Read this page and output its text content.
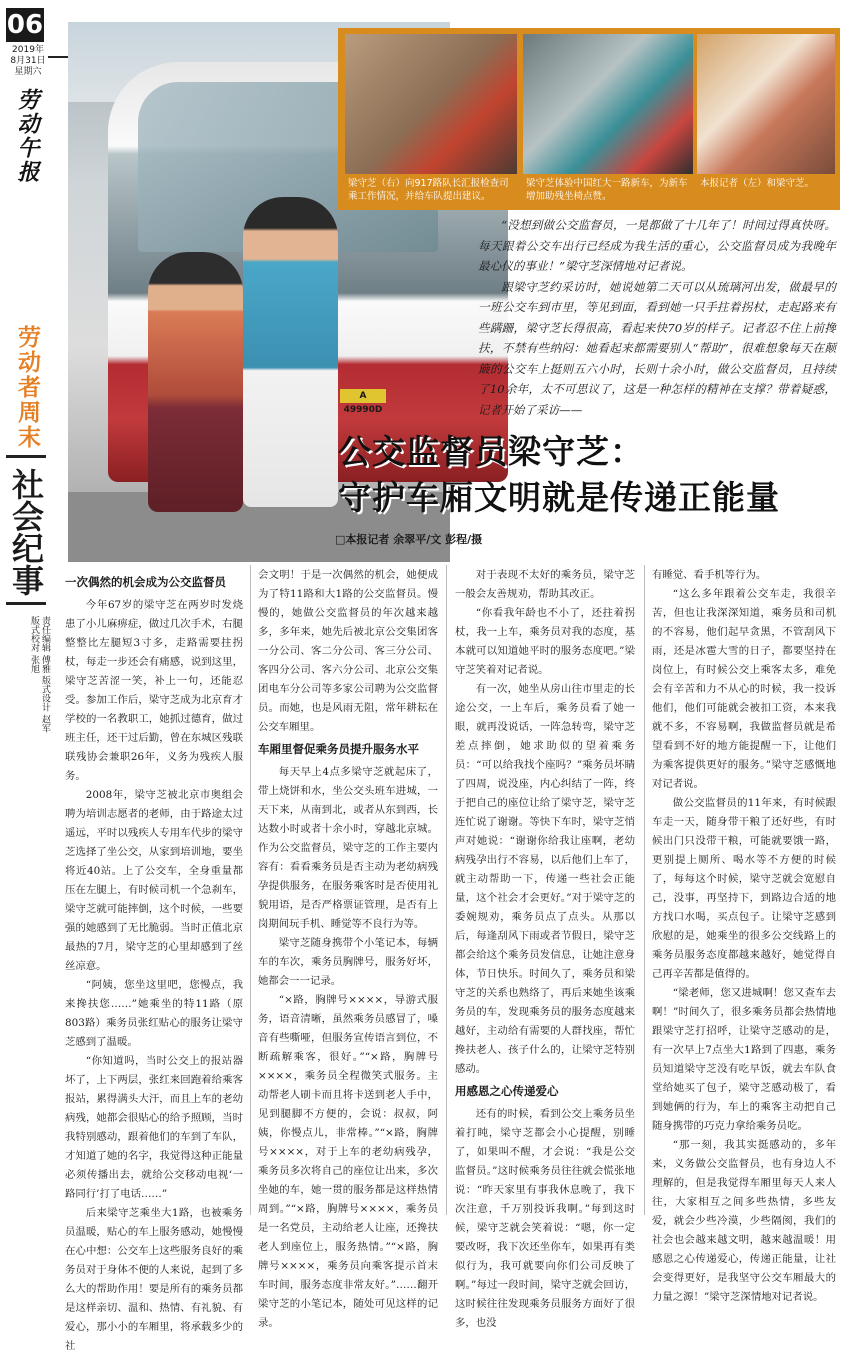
06
2019年
8月31日
星期六
劳动午报
劳动者周末
社会纪事
责任编辑 傅雅 版式设计 赵军 版式校对 张旭
A 49990D
梁守芝（右）向917路队长汇报检查司乘工作情况，并给车队提出建议。
梁守芝体验中国红大一路新车，为新车增加助残坐椅点赞。
本报记者（左）和梁守芝。

“没想到做公交监督员，一晃都做了十几年了！时间过得真快呀。每天跟着公交车出行已经成为我生活的重心，公交监督员成为我晚年最心仪的事业！”梁守芝深情地对记者说。

跟梁守芝约采访时，她说她第二天可以从琉璃河出发，做最早的一班公交车到市里，等见到面，看到她一只手拄着拐杖，走起路来有些蹒跚，梁守芝长得很高，看起来快70岁的样子。记者忍不住上前搀扶，不禁有些纳闷：她看起来都需要别人“帮助”，很难想象每天在颠簸的公交车上挺则五六小时，长则十余小时，做公交监督员，且持续了10余年，太不可思议了，这是一种怎样的精神在支撑？带着疑惑，记者开始了采访——

公交监督员梁守芝：
守护车厢文明就是传递正能量
□本报记者 余翠平/文 彭程/摄
一次偶然的机会成为公交监督员

今年67岁的梁守芝在两岁时发烧患了小儿麻痹症，做过几次手术，右腿整整比左腿短3寸多，走路需要拄拐杖，每走一步还会有痛感，说到这里，梁守芝苦涩一笑，补上一句，还能忍受。参加工作后，梁守芝成为北京育才学校的一名教职工，她抓过德育，做过班主任，还干过后勤，曾在东城区残联联残协会兼职26年，义务为残疾人服务。

2008年，梁守芝被北京市奥组会聘为培训志愿者的老师，由于路途太过遥远，平时以残疾人专用车代步的梁守芝选择了坐公交，从家到培训地，要坐将近40站。上了公交车，全身重量都压在左腿上，有时候司机一个急刹车，梁守芝就可能摔倒，这个时候，一些要强的她感到了无比脆弱。当时正值北京最热的7月，梁守芝的心里却感到了丝丝凉意。

“阿姨，您坐这里吧，您慢点，我来搀扶您……”她乘坐的特11路（原803路）乘务员张红贴心的服务让梁守芝感到了温暖。

“你知道吗，当时公交上的报站器坏了，上下两层，张红来回跑着给乘客报站，累得满头大汗，而且上车的老幼病残，她都会很贴心的给予照顾，当时我特别感动，跟着他们的车到了车队，才知道了她的名字，我觉得这种正能量必须传播出去，就给公交移动电视‘一路同行’打了电话……”

后来梁守芝乘坐大1路，也被乘务员温暖，贴心的车上服务感动，她慢慢在心中想：公交车上这些服务良好的乘务员对于身体不便的人来说，起到了多么大的帮助作用！要是所有的乘务员都是这样亲切、温和、热情、有礼貌、有爱心，那小小的车厢里，将承载多少的社

会文明！于是一次偶然的机会，她便成为了特11路和大1路的公交监督员。慢慢的，她做公交监督员的年次越来越多，多年来，她先后被北京公交集团客一分公司、客二分公司、客三分公司、客四分公司、客六分公司、北京公交集团电车分公司等多家公司聘为公交监督员。而她，也是风雨无阻，常年耕耘在公交车厢里。

车厢里督促乘务员提升服务水平

每天早上4点多梁守芝就起床了，带上烧饼和水，坐公交头班车进城，一天下来，从南到北，或者从东到西，长达数小时或者十余小时，穿越北京城。作为公交监督员，梁守芝的工作主要内容有：看看乘务员是否主动为老幼病残孕提供服务，在服务乘客时是否使用礼貌用语，是否严格票证管理，是否有上岗期间玩手机、睡觉等不良行为等。

梁守芝随身携带个小笔记本，每辆车的车次，乘务员胸牌号，服务好坏，她都会一一记录。

“×路，胸牌号××××，导游式服务，语音清晰，虽然乘务员感冒了，嗓音有些嘶哑，但服务宣传语言到位，不断疏解乘客，很好。”“×路，胸牌号××××，乘务员全程微笑式服务。主动帮老人刷卡而且将卡送到老人手中，见到腿脚不方便的，会说：叔叔，阿姨，你慢点儿，非常棒。”“×路，胸牌号××××，对于上车的老幼病残孕，乘务员多次将自己的座位让出来，多次坐她的车，她一贯的服务都是这样热情周到。”“×路，胸牌号××××，乘务员是一名党员，主动给老人让座，还搀扶老人到座位上，服务热情。”“×路，胸牌号××××，乘务员向乘客提示首末车时间，服务态度非常友好。”……翻开梁守芝的小笔记本，随处可见这样的记录。

对于表现不太好的乘务员，梁守芝一般会友善规劝，帮助其改正。

“你看我年龄也不小了，还拄着拐杖，我一上车，乘务员对我的态度，基本就可以知道她平时的服务态度吧。”梁守芝笑着对记者说。

有一次，她坐从房山往市里走的长途公交，一上车后，乘务员看了她一眼，就再没说话，一阵急转弯，梁守芝差点摔倒，她求助似的望着乘务员：“可以给我找个座吗？”乘务员坏睛了四周，说没座，内心纠结了一阵，终于把自己的座位让给了梁守芝，梁守芝连忙说了谢谢。等快下车时，梁守芝悄声对她说：“谢谢你给我让座啊，老幼病残孕出行不容易，以后他们上车了，就主动帮助一下，传递一些社会正能量，这个社会才会更好。”对于梁守芝的委婉规劝，乘务员点了点头。从那以后，每逢刮风下雨或者节假日，梁守芝都会给这个乘务员发信息，让她注意身体，节日快乐。时间久了，乘务员和梁守芝的关系也熟络了，再后来她坐该乘务员的车，发现乘务员的服务态度越来越好，主动给有需要的人群找座，帮忙搀扶老人、孩子什么的，让梁守芝特别感动。

用感恩之心传递爱心

还有的时候，看到公交上乘务员坐着打盹，梁守芝都会小心提醒，别睡了，如果叫不醒，才会说：“我是公交监督员。”这时候乘务员往往就会慌张地说：“昨天家里有事我休息晚了，我下次注意，千万别投诉我啊。”每到这时候，梁守芝就会笑着说：“嗯，你一定要改呀，我下次还坐你车，如果再有类似行为，我可就要向你们公司反映了啊。”每过一段时间，梁守芝就会回访，这时候往往发现乘务员服务方面好了很多，也没

有睡觉、看手机等行为。

“这么多年跟着公交车走，我很辛苦，但也让我深深知道，乘务员和司机的不容易，他们起早贪黑，不管刮风下雨，还是冰雹大雪的日子，都要坚持在岗位上，有时候公交上乘客太多，难免会有辛苦和力不从心的时候，我一投诉他们，他们可能就会被扣工资，本来我就不多，不容易啊，我做监督员就是希望看到不好的地方能提醒一下，让他们为乘客提供更好的服务。”梁守芝感慨地对记者说。

做公交监督员的11年来，有时候跟车走一天，随身带干粮了还好些，有时候出门只没带干粮，可能就要饿一路，更别提上厕所、喝水等不方便的时候了，每每这个时候，梁守芝就会宽慰自己，没事，再坚持下，到路边合适的地方找口水喝，买点包子。让梁守芝感到欣慰的是，她乘坐的很多公交线路上的乘务员服务态度都越来越好，她觉得自己再辛苦都是值得的。

“梁老师，您又进城啊！您又查车去啊！”时间久了，很多乘务员都会热情地跟梁守芝打招呼，让梁守芝感动的是，有一次早上7点坐大1路到了四惠，乘务员知道梁守芝没有吃早饭，就去车队食堂给她买了包子，梁守芝感动极了，看到她俩的行为，车上的乘客主动把自己随身携带的巧克力拿给乘务员吃。

“那一刻，我其实挺感动的，多年来，义务做公交监督员，也有身边人不理解的，但是我觉得车厢里每天人来人往，大家相互之间多些热情，多些友爱，就会少些冷漠，少些隔阂，我们的社会也会越来越文明，越来越温暖！用感恩之心传递爱心，传递正能量，让社会变得更好，是我坚守公交车厢最大的力量之源！”梁守芝深情地对记者说。
